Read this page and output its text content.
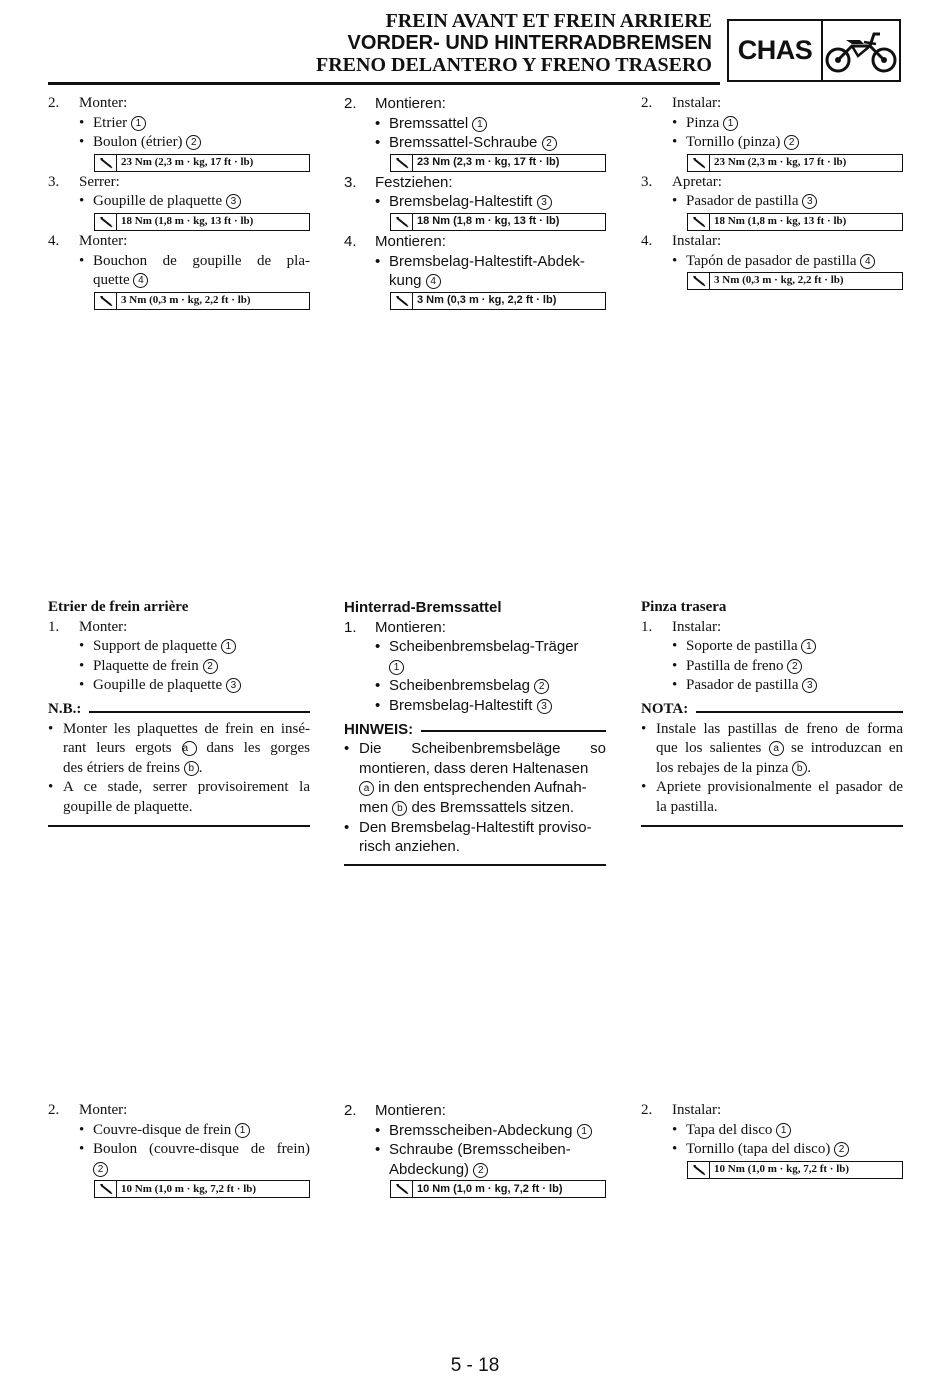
FREIN AVANT ET FREIN ARRIERE
VORDER- UND HINTERRADBREMSEN
FRENO DELANTERO Y FRENO TRASERO CHAS
2.	Monter:
• Etrier 1
• Boulon (étrier) 2
23 Nm (2,3 m · kg, 17 ft · lb)
3.	Serrer:
• Goupille de plaquette 3
18 Nm (1,8 m · kg, 13 ft · lb)
4.	Monter:
• Bouchon de goupille de pla-
quette 4
3 Nm (0,3 m · kg, 2,2 ft · lb)
2.	Montieren:
• Bremssattel 1
• Bremssattel-Schraube 2
23 Nm (2,3 m · kg, 17 ft · lb)
3.	Festziehen:
• Bremsbelag-Haltestift 3
18 Nm (1,8 m · kg, 13 ft · lb)
4.	Montieren:
• Bremsbelag-Haltestift-Abdek-
kung 4
3 Nm (0,3 m · kg, 2,2 ft · lb)
2.	Instalar:
• Pinza 1
• Tornillo (pinza) 2
23 Nm (2,3 m · kg, 17 ft · lb)
3.	Apretar:
• Pasador de pastilla 3
18 Nm (1,8 m · kg, 13 ft · lb)
4.	Instalar:
• Tapón de pasador de pastilla 4
3 Nm (0,3 m · kg, 2,2 ft · lb)
Etrier de frein arrière
1.	Monter:
• Support de plaquette 1
• Plaquette de frein 2
• Goupille de plaquette 3
N.B.:
• Monter les plaquettes de frein en insé-
rant leurs ergots a dans les gorges
des étriers de freins b .
• A ce stade, serrer provisoirement la goupille de plaquette.
Hinterrad-Bremssattel
1.	Montieren:
• Scheibenbremsbelag-Träger
1
• Scheibenbremsbelag 2
• Bremsbelag-Haltestift 3
HINWEIS:
• Die Scheibenbremsbeläge so montieren, dass deren Haltenasen
a in den entsprechenden Aufnah-
men b des Bremssattels sitzen.
• Den Bremsbelag-Haltestift proviso-risch anziehen.
Pinza trasera
1.	Instalar:
• Soporte de pastilla 1
• Pastilla de freno 2
• Pasador de pastilla 3
NOTA:
• Instale las pastillas de freno de forma que los salientes a se introduzcan en los rebajes de la pinza b .
• Apriete provisionalmente el pasador de la pastilla.
2.	Monter:
• Couvre-disque de frein 1
• Boulon (couvre-disque de frein)
2
10 Nm (1,0 m · kg, 7,2 ft · lb)
2.	Montieren:
• Bremsscheiben-Abdeckung 1
• Schraube (Bremsscheiben-Abdeckung) 2
10 Nm (1,0 m · kg, 7,2 ft · lb)
2.	Instalar:
• Tapa del disco 1
• Tornillo (tapa del disco) 2
10 Nm (1,0 m · kg, 7,2 ft · lb)
5 - 18
